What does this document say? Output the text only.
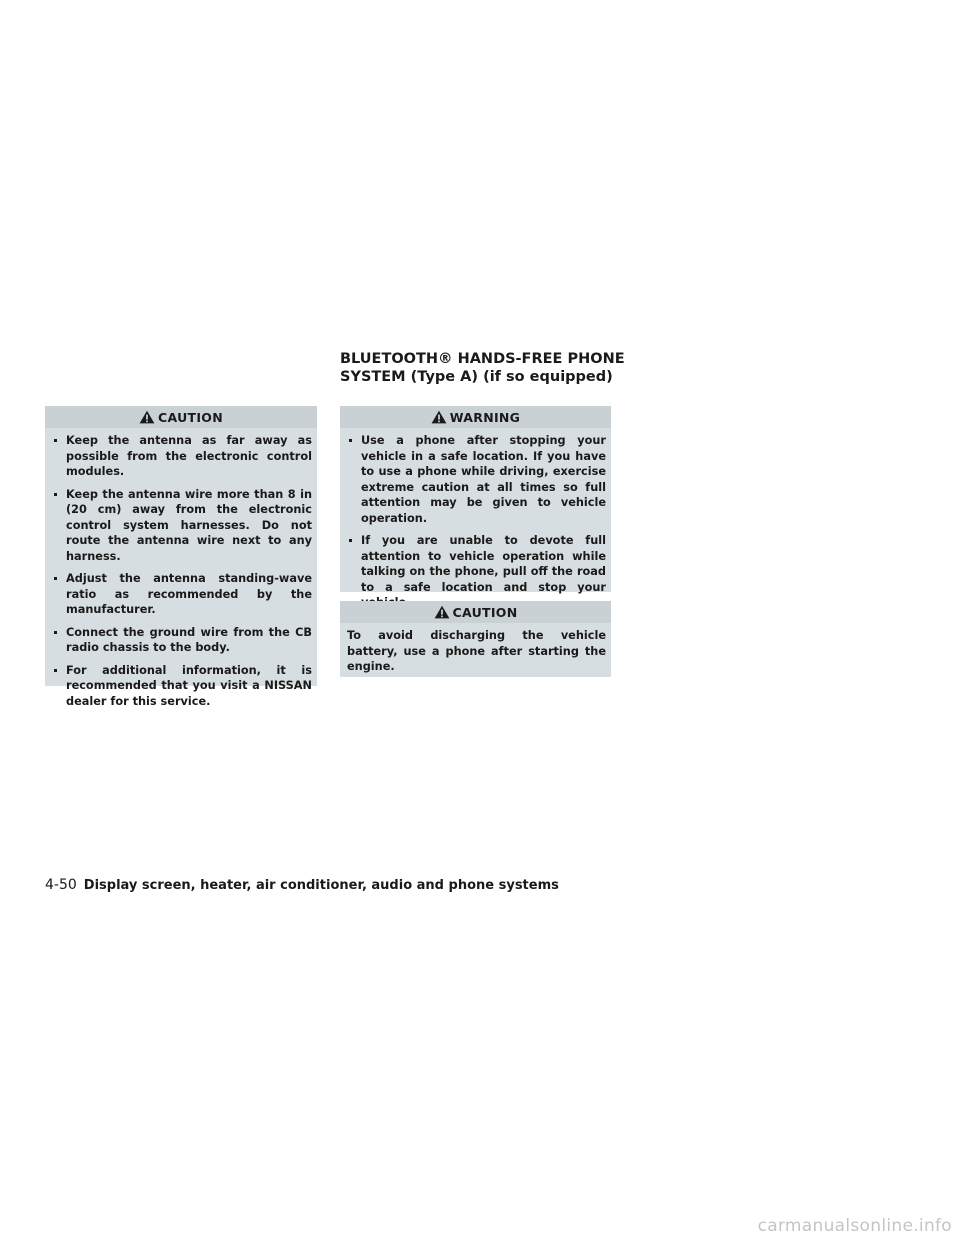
BLUETOOTH® HANDS-FREE PHONE
SYSTEM (Type A) (if so equipped)
CAUTION
Keep the antenna as far away as possible from the electronic control modules.
Keep the antenna wire more than 8 in (20 cm) away from the electronic control system harnesses. Do not route the antenna wire next to any harness.
Adjust the antenna standing-wave ratio as recommended by the manufacturer.
Connect the ground wire from the CB radio chassis to the body.
For additional information, it is recommended that you visit a NISSAN dealer for this service.
WARNING
Use a phone after stopping your vehicle in a safe location. If you have to use a phone while driving, exercise extreme caution at all times so full attention may be given to vehicle operation.
If you are unable to devote full attention to vehicle operation while talking on the phone, pull off the road to a safe location and stop your
CAUTION

To avoid discharging the vehicle battery, use a phone after starting the engine.

4-50 Display screen, heater, air conditioner, audio and phone systems
carmanualsonline.info
